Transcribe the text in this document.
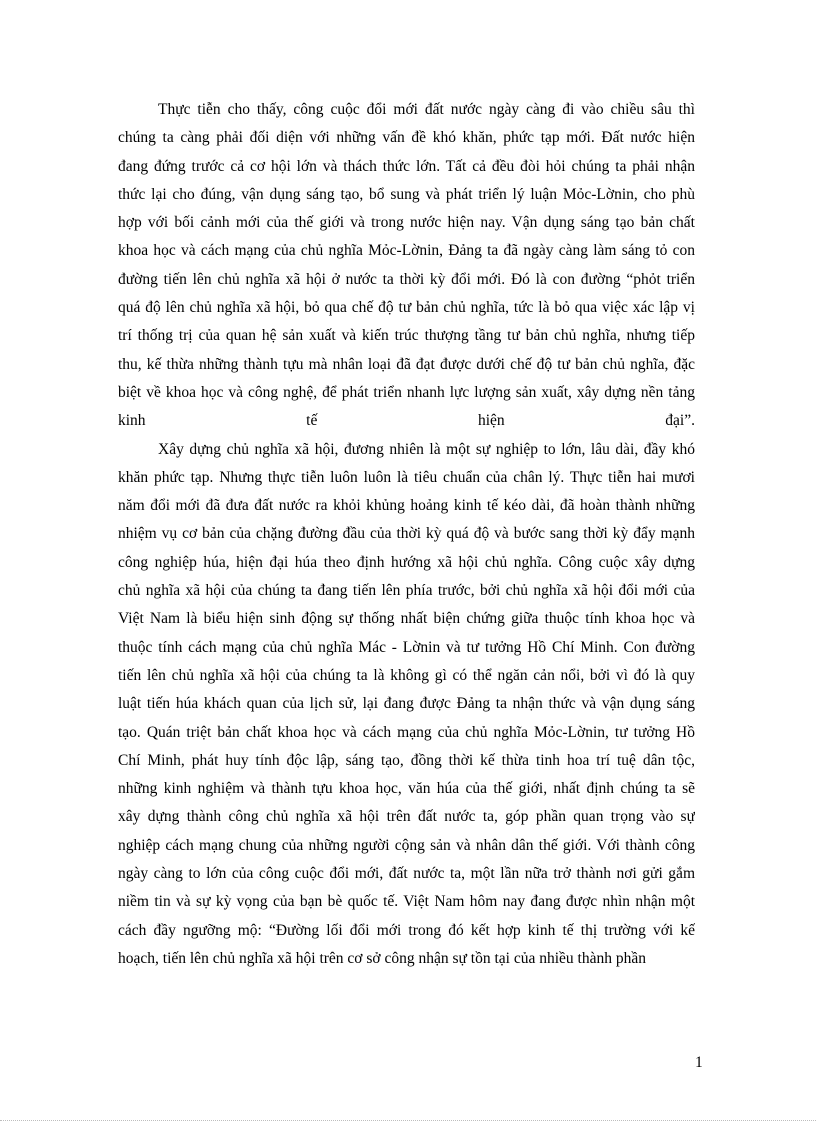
Thực tiễn cho thấy, công cuộc đổi mới đất nước ngày càng đi vào chiều sâu thì
chúng ta càng phải đối diện với những vấn đề khó khăn, phức tạp mới. Đất nước hiện
đang đứng trước cả cơ hội lớn và thách thức lớn. Tất cả đều đòi hỏi chúng ta phải nhận
thức lại cho đúng, vận dụng sáng tạo, bổ sung và phát triển lý luận Mỏc-Lờnin, cho phù
hợp với bối cảnh mới của thế giới và trong nước hiện nay. Vận dụng sáng tạo bản chất
khoa học và cách mạng của chủ nghĩa Mỏc-Lờnin, Đảng ta đã ngày càng làm sáng tỏ con
đường tiến lên chủ nghĩa xã hội ở nước ta thời kỳ đổi mới. Đó là con đường “phỏt triển
quá độ lên chủ nghĩa xã hội, bỏ qua chế độ tư bản chủ nghĩa, tức là bỏ qua việc xác lập vị
trí thống trị của quan hệ sản xuất và kiến trúc thượng tầng tư bản chủ nghĩa, nhưng tiếp
thu, kế thừa những thành tựu mà nhân loại đã đạt được dưới chế độ tư bản chủ nghĩa, đặc
biệt về khoa học và công nghệ, để phát triển nhanh lực lượng sản xuất, xây dựng nền tảng
kinh tế hiện đại”.
Xây dựng chủ nghĩa xã hội, đương nhiên là một sự nghiệp to lớn, lâu dài, đầy khó
khăn phức tạp. Nhưng thực tiễn luôn luôn là tiêu chuẩn của chân lý. Thực tiễn hai mươi
năm đổi mới đã đưa đất nước ra khỏi khủng hoảng kinh tế kéo dài, đã hoàn thành những
nhiệm vụ cơ bản của chặng đường đầu của thời kỳ quá độ và bước sang thời kỳ đẩy mạnh
công nghiệp húa, hiện đại húa theo định hướng xã hội chủ nghĩa. Công cuộc xây dựng
chủ nghĩa xã hội của chúng ta đang tiến lên phía trước, bởi chủ nghĩa xã hội đổi mới của
Việt Nam là biểu hiện sinh động sự thống nhất biện chứng giữa thuộc tính khoa học và
thuộc tính cách mạng của chủ nghĩa Mác - Lờnin và tư tưởng Hồ Chí Minh. Con đường
tiến lên chủ nghĩa xã hội của chúng ta là không gì có thể ngăn cản nổi, bởi vì đó là quy
luật tiến húa khách quan của lịch sử, lại đang được Đảng ta nhận thức và vận dụng sáng
tạo. Quán triệt bản chất khoa học và cách mạng của chủ nghĩa Mỏc-Lờnin, tư tưởng Hồ
Chí Minh, phát huy tính độc lập, sáng tạo, đồng thời kế thừa tinh hoa trí tuệ dân tộc,
những kinh nghiệm và thành tựu khoa học, văn húa của thế giới, nhất định chúng ta sẽ
xây dựng thành công chủ nghĩa xã hội trên đất nước ta, góp phần quan trọng vào sự
nghiệp cách mạng chung của những người cộng sản và nhân dân thế giới. Với thành công
ngày càng to lớn của công cuộc đổi mới, đất nước ta, một lần nữa trở thành nơi gửi gắm
niềm tin và sự kỳ vọng của bạn bè quốc tế. Việt Nam hôm nay đang được nhìn nhận một
cách đầy ngưỡng mộ: “Đường lối đổi mới trong đó kết hợp kinh tế thị trường với kế
hoạch, tiến lên chủ nghĩa xã hội trên cơ sở công nhận sự tồn tại của nhiều thành phần
1
